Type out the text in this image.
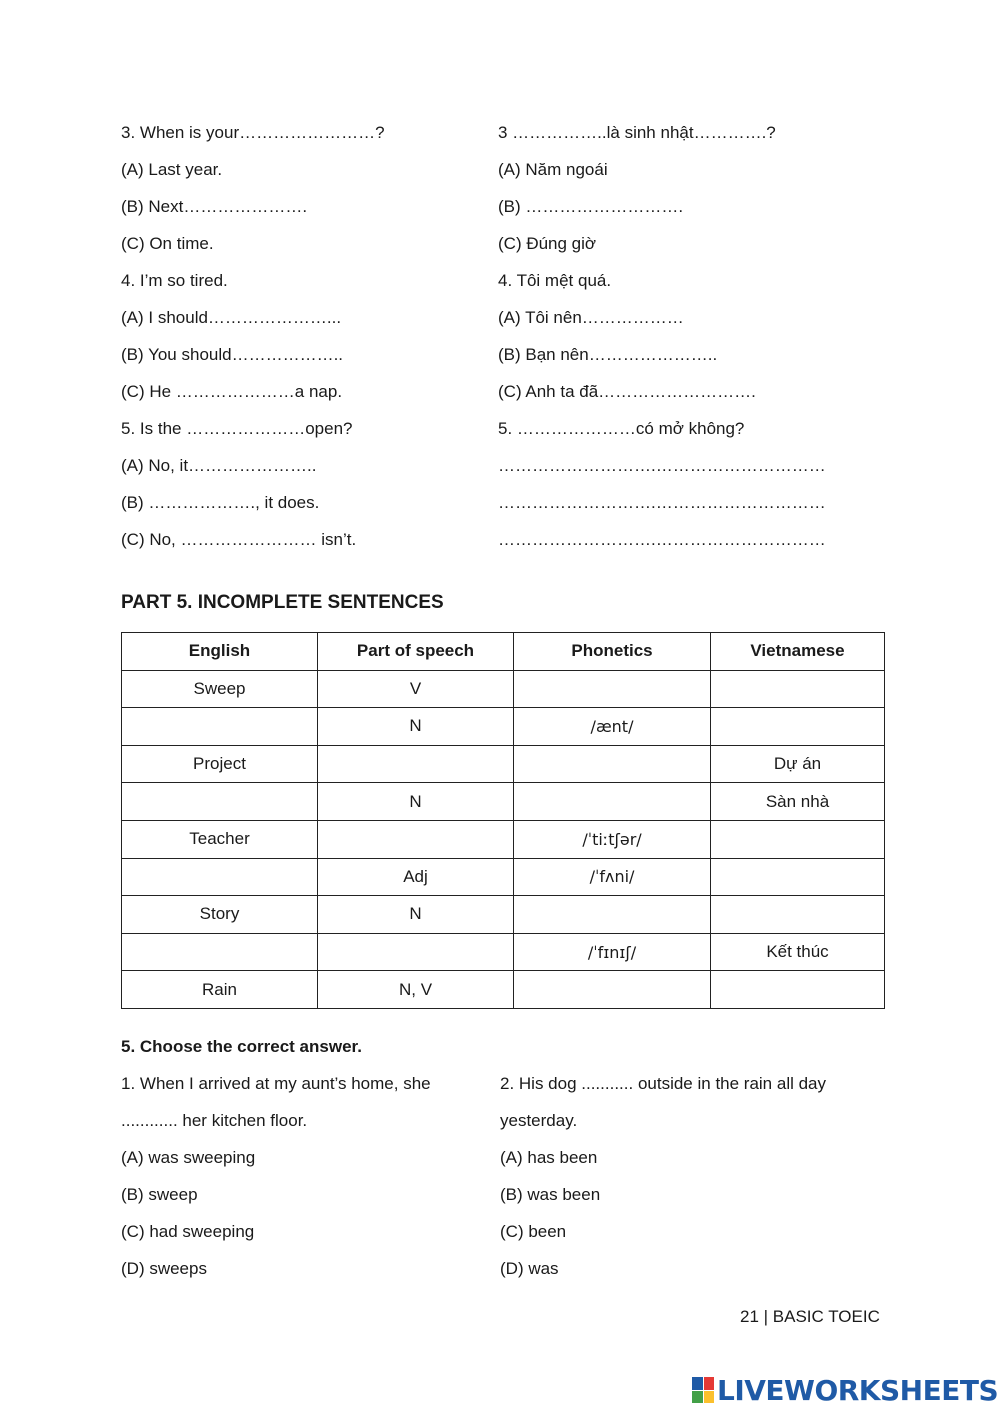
3. When is your……………………?
(A) Last year.
(B) Next………………….
(C) On time.
4. I’m so tired.
(A) I should…………………...
(B) You should………………..
(C) He …………………a nap.
5. Is the …………………open?
(A) No, it…………………..
(B) ………………., it does.
(C) No, …………………… isn’t.
3 ……………..là sinh nhật………….?
(A) Năm ngoái
(B) ……………………….
(C) Đúng giờ
4. Tôi mệt quá.
(A) Tôi nên………………
(B) Bạn nên…………………..
(C) Anh ta đã……………………….
5. …………………có mở không?
……………………….…………………………
……………………….…………………………
……………………….…………………………
PART 5. INCOMPLETE SENTENCES
English	Part of speech	Phonetics	Vietnamese
Sweep	V		
	N	/ænt/	
Project			Dự án
	N		Sàn nhà
Teacher		/ˈtiːtʃər/	
	Adj	/ˈfʌni/	
Story	N		
		/ˈfɪnɪʃ/	Kết thúc
Rain	N, V		
5. Choose the correct answer.
1. When I arrived at my aunt’s home, she
............ her kitchen floor.
(A) was sweeping
(B) sweep
(C) had sweeping
(D) sweeps
2. His dog ........... outside in the rain all day
yesterday.
(A) has been
(B) was been
(C) been
(D) was
21 | BASIC TOEIC
LIVEWORKSHEETS
